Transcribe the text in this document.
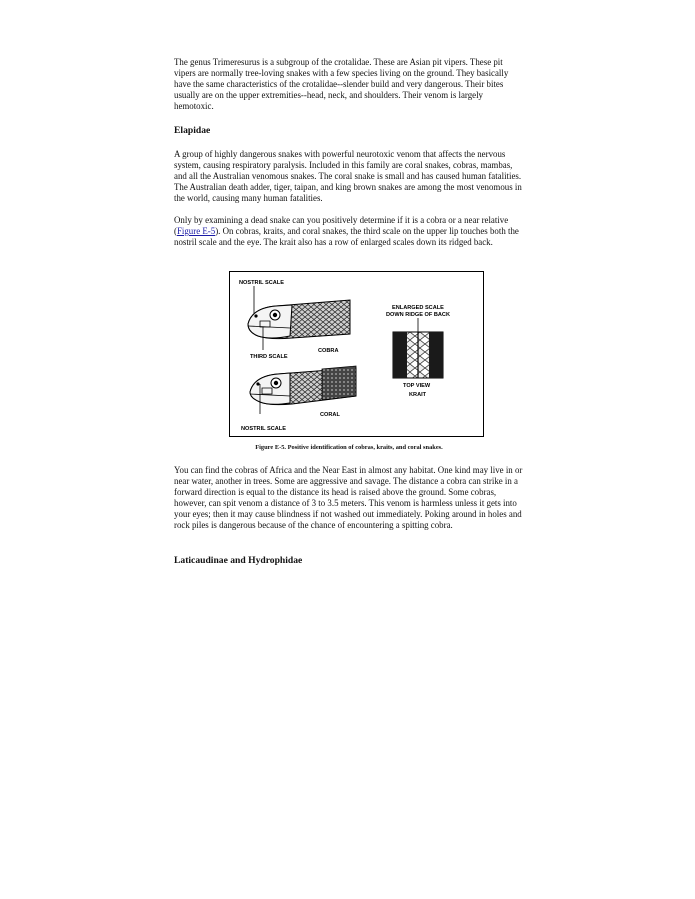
The genus Trimeresurus is a subgroup of the crotalidae. These are Asian pit vipers. These pit vipers are normally tree-loving snakes with a few species living on the ground. They basically have the same characteristics of the crotalidae--slender build and very dangerous. Their bites usually are on the upper extremities--head, neck, and shoulders. Their venom is largely hemotoxic.

Elapidae

A group of highly dangerous snakes with powerful neurotoxic venom that affects the nervous system, causing respiratory paralysis. Included in this family are coral snakes, cobras, mambas, and all the Australian venomous snakes. The coral snake is small and has caused human fatalities. The Australian death adder, tiger, taipan, and king brown snakes are among the most venomous in the world, causing many human fatalities.

Only by examining a dead snake can you positively determine if it is a cobra or a near relative (Figure E-5). On cobras, kraits, and coral snakes, the third scale on the upper lip touches both the nostril scale and the eye. The krait also has a row of enlarged scales down its ridged back.

NOSTRIL SCALE
THIRD SCALE
COBRA
CORAL
NOSTRIL SCALE
ENLARGED SCALE
DOWN RIDGE OF BACK
TOP VIEW
KRAIT

Figure E-5. Positive identification of cobras, kraits, and coral snakes.

You can find the cobras of Africa and the Near East in almost any habitat. One kind may live in or near water, another in trees. Some are aggressive and savage. The distance a cobra can strike in a forward direction is equal to the distance its head is raised above the ground. Some cobras, however, can spit venom a distance of 3 to 3.5 meters. This venom is harmless unless it gets into your eyes; then it may cause blindness if not washed out immediately. Poking around in holes and rock piles is dangerous because of the chance of encountering a spitting cobra.

Laticaudinae and Hydrophidae
